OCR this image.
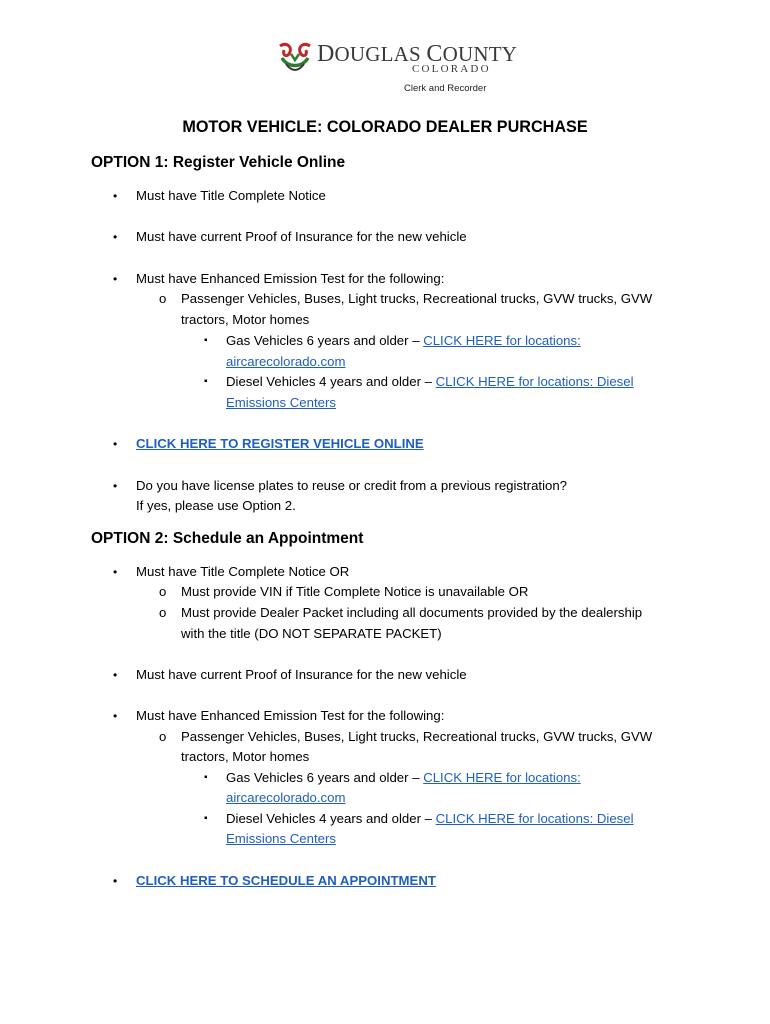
DOUGLAS COUNTY
COLORADO
Clerk and Recorder
MOTOR VEHICLE: COLORADO DEALER PURCHASE
OPTION 1: Register Vehicle Online
• Must have Title Complete Notice
• Must have current Proof of Insurance for the new vehicle
• Must have Enhanced Emission Test for the following:
o Passenger Vehicles, Buses, Light trucks, Recreational trucks, GVW trucks, GVW
tractors, Motor homes
▪ Gas Vehicles 6 years and older – CLICK HERE for locations:
aircarecolorado.com
▪ Diesel Vehicles 4 years and older – CLICK HERE for locations: Diesel
Emissions Centers
• CLICK HERE TO REGISTER VEHICLE ONLINE
• Do you have license plates to reuse or credit from a previous registration?
If yes, please use Option 2.
OPTION 2: Schedule an Appointment
• Must have Title Complete Notice OR
o Must provide VIN if Title Complete Notice is unavailable OR
o Must provide Dealer Packet including all documents provided by the dealership
with the title (DO NOT SEPARATE PACKET)
• Must have current Proof of Insurance for the new vehicle
• Must have Enhanced Emission Test for the following:
o Passenger Vehicles, Buses, Light trucks, Recreational trucks, GVW trucks, GVW
tractors, Motor homes
▪ Gas Vehicles 6 years and older – CLICK HERE for locations:
aircarecolorado.com
▪ Diesel Vehicles 4 years and older – CLICK HERE for locations: Diesel
Emissions Centers
• CLICK HERE TO SCHEDULE AN APPOINTMENT
